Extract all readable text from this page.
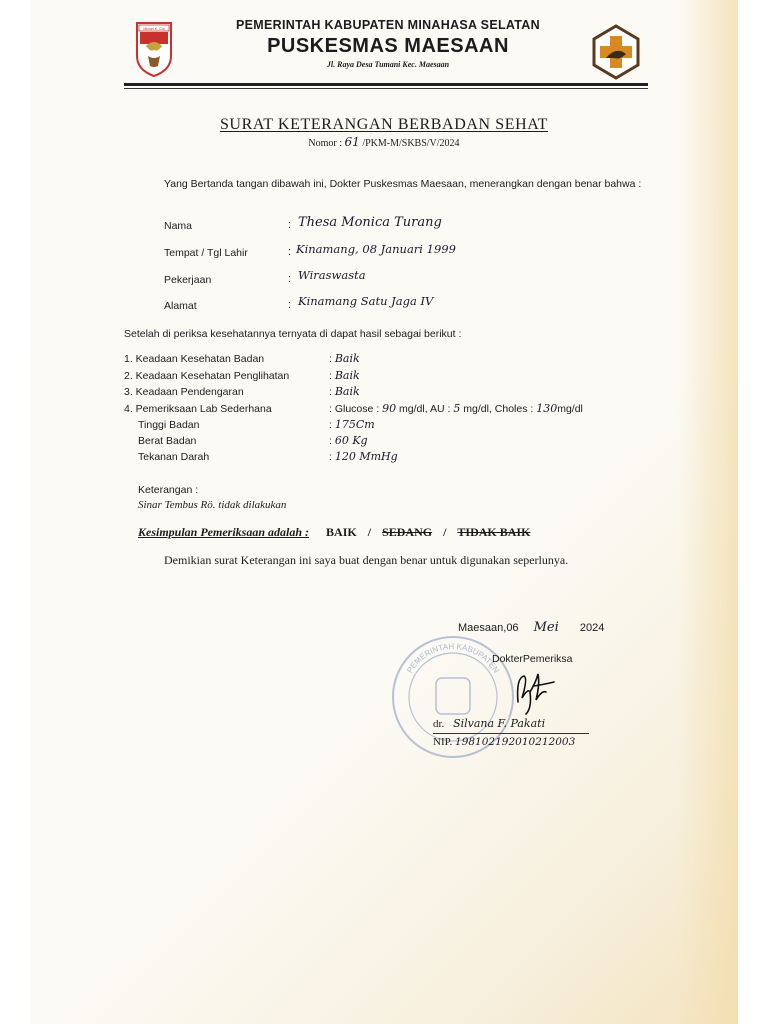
Minsel K. Cla	PEMERINTAH KABUPATEN MINAHASA SELATAN
PUSKESMAS MAESAAN
Jl. Raya Desa Tumani Kec. Maesaan
SURAT KETERANGAN BERBADAN SEHAT
Nomor : 61 /PKM-M/SKBS/V/2024
Yang Bertanda tangan dibawah ini, Dokter Puskesmas Maesaan, menerangkan dengan benar bahwa :
Nama	: Thesa Monica Turang
Tempat / Tgl Lahir	: Kinamang, 08 Januari 1999
Pekerjaan	: Wiraswasta
Alamat	: Kinamang Satu Jaga IV
Setelah di periksa kesehatannya ternyata di dapat hasil sebagai berikut :
1. Keadaan Kesehatan Badan	: Baik
2. Keadaan Kesehatan Penglihatan	: Baik
3. Keadaan Pendengaran	: Baik
4. Pemeriksaan Lab Sederhana	: Glucose : 90 mg/dl, AU : 5 mg/dl, Choles : 130mg/dl
Tinggi Badan	: 175Cm
Berat Badan	: 60 Kg
Tekanan Darah	: 120 MmHg
Keterangan :
Sinar Tembus Rö. tidak dilakukan
Kesimpulan Pemeriksaan adalah : BAIK / SEDANG / TIDAK BAIK
Demikian surat Keterangan ini saya buat dengan benar untuk digunakan seperlunya.
PEMERINTAH KABUPATEN
Maesaan,06 Mei 2024
DokterPemeriksa
dr. Silvana F. Pakati
NIP. 198102192010212003
